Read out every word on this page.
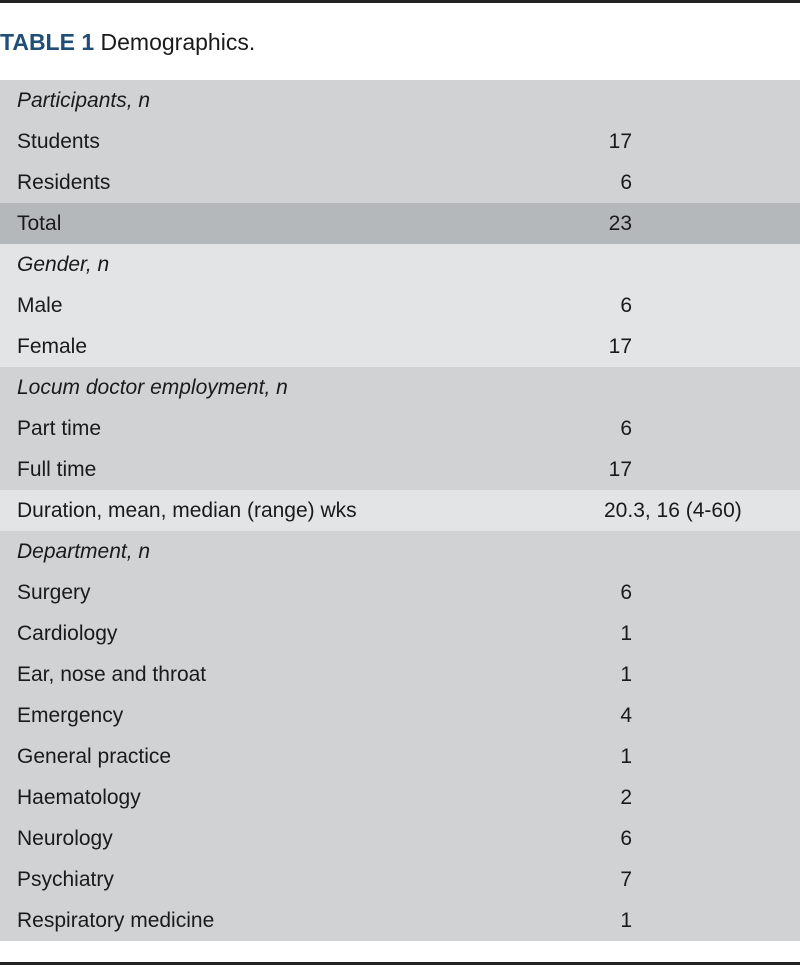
TABLE 1 Demographics.
Participants, n
Students	17
Residents	6
Total	23
Gender, n
Male	6
Female	17
Locum doctor employment, n
Part time	6
Full time	17
Duration, mean, median (range) wks	20.3, 16 (4-60)
Department, n
Surgery	6
Cardiology	1
Ear, nose and throat	1
Emergency	4
General practice	1
Haematology	2
Neurology	6
Psychiatry	7
Respiratory medicine	1
